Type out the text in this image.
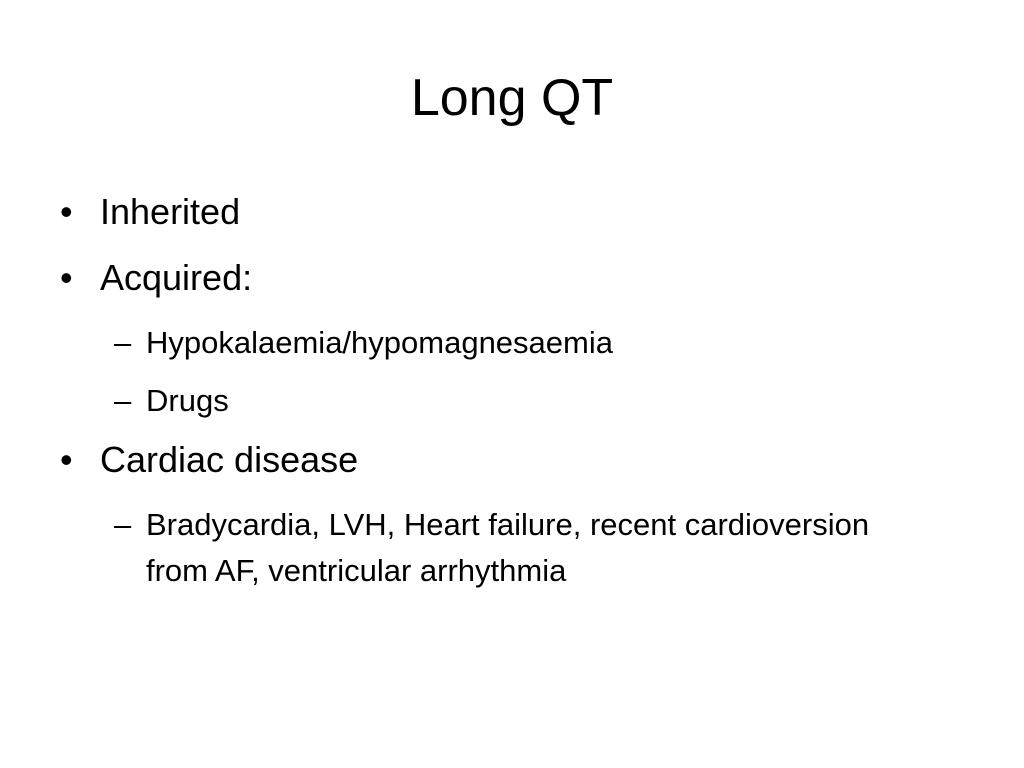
Long QT
• Inherited
• Acquired:
– Hypokalaemia/hypomagnesaemia
– Drugs
• Cardiac disease
– Bradycardia, LVH, Heart failure, recent cardioversion from AF, ventricular arrhythmia
